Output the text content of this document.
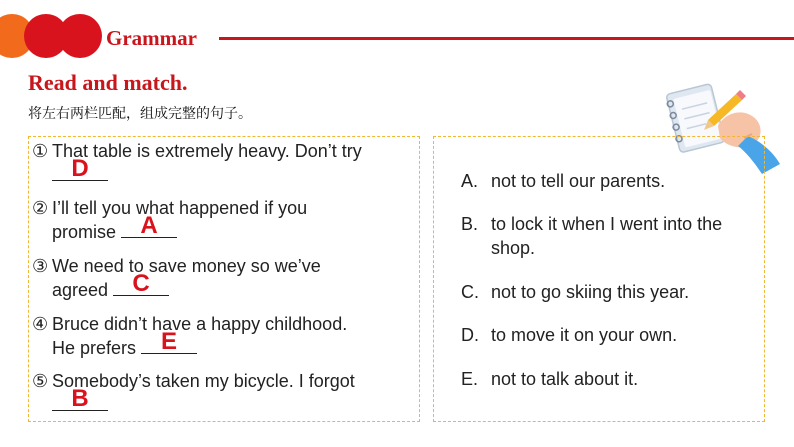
Grammar
Read and match.
将左右两栏匹配，组成完整的句子。
① That table is extremely heavy. Don’t try
D
② I’ll tell you what happened if you
promise	A
③ We need to save money so we’ve
agreed	C
④ Bruce didn’t have a happy childhood.
He prefers	E
⑤ Somebody’s taken my bicycle. I forgot
B
A. not to tell our parents.
B. to lock it when I went into the shop.
C. not to go skiing this year.
D. to move it on your own.
E. not to talk about it.
